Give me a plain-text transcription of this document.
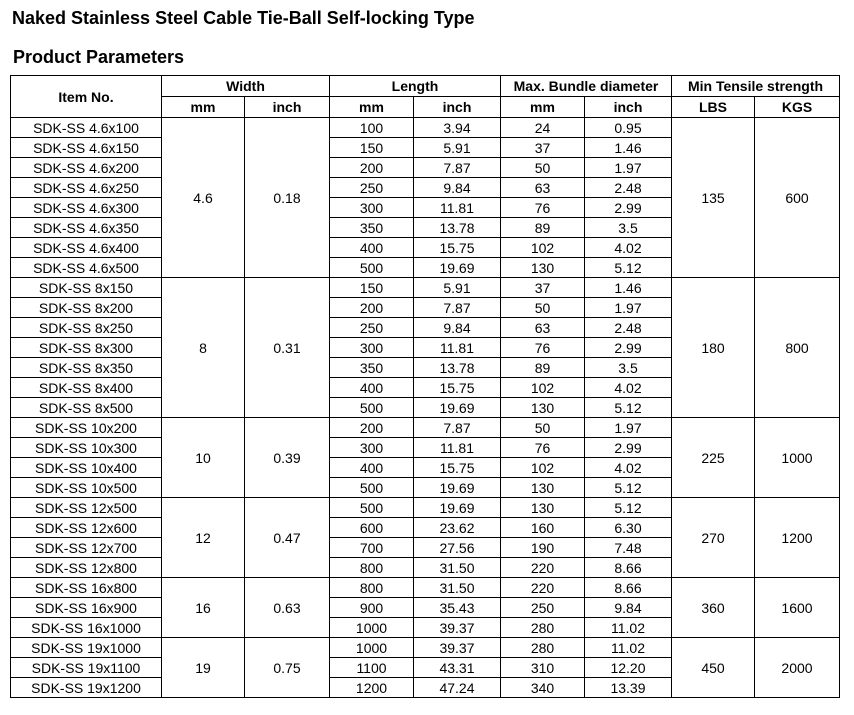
Naked Stainless Steel Cable Tie-Ball Self-locking Type
Product Parameters
Item No.	Width		Length		Max. Bundle diameter		Min Tensile strength	
	mm	inch	mm	inch	mm	inch	LBS	KGS
SDK-SS 4.6x100	4.6	0.18	100	3.94	24	0.95	135	600
SDK-SS 4.6x150			150	5.91	37	1.46		
SDK-SS 4.6x200			200	7.87	50	1.97		
SDK-SS 4.6x250			250	9.84	63	2.48		
SDK-SS 4.6x300			300	11.81	76	2.99		
SDK-SS 4.6x350			350	13.78	89	3.5		
SDK-SS 4.6x400			400	15.75	102	4.02		
SDK-SS 4.6x500			500	19.69	130	5.12		
SDK-SS 8x150	8	0.31	150	5.91	37	1.46	180	800
SDK-SS 8x200			200	7.87	50	1.97		
SDK-SS 8x250			250	9.84	63	2.48		
SDK-SS 8x300			300	11.81	76	2.99		
SDK-SS 8x350			350	13.78	89	3.5		
SDK-SS 8x400			400	15.75	102	4.02		
SDK-SS 8x500			500	19.69	130	5.12		
SDK-SS 10x200	10	0.39	200	7.87	50	1.97	225	1000
SDK-SS 10x300			300	11.81	76	2.99		
SDK-SS 10x400			400	15.75	102	4.02		
SDK-SS 10x500			500	19.69	130	5.12		
SDK-SS 12x500	12	0.47	500	19.69	130	5.12	270	1200
SDK-SS 12x600			600	23.62	160	6.30		
SDK-SS 12x700			700	27.56	190	7.48		
SDK-SS 12x800			800	31.50	220	8.66		
SDK-SS 16x800	16	0.63	800	31.50	220	8.66	360	1600
SDK-SS 16x900			900	35.43	250	9.84		
SDK-SS 16x1000			1000	39.37	280	11.02		
SDK-SS 19x1000	19	0.75	1000	39.37	280	11.02	450	2000
SDK-SS 19x1100			1100	43.31	310	12.20		
SDK-SS 19x1200			1200	47.24	340	13.39		
